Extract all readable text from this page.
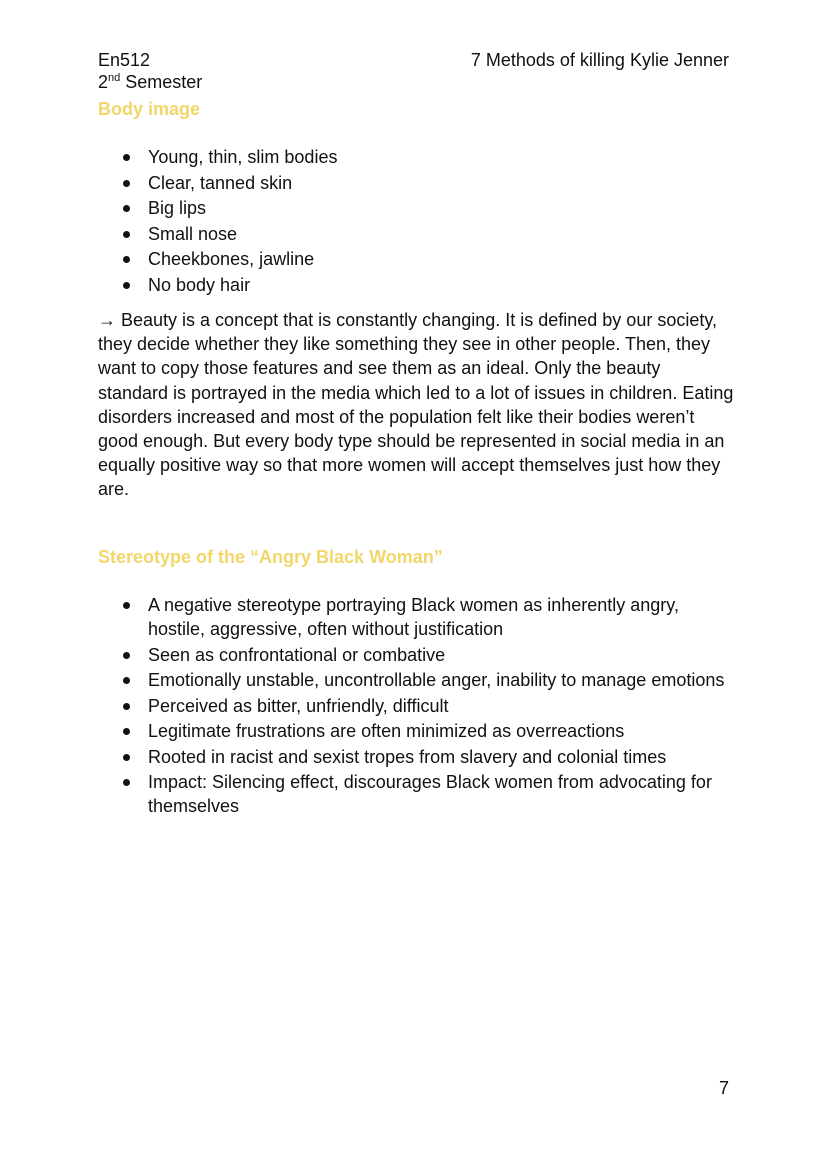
En512
2nd Semester
7 Methods of killing Kylie Jenner
Body image
Young, thin, slim bodies
Clear, tanned skin
Big lips
Small nose
Cheekbones, jawline
No body hair

→ Beauty is a concept that is constantly changing. It is defined by our society, they decide whether they like something they see in other people. Then, they want to copy those features and see them as an ideal. Only the beauty standard is portrayed in the media which led to a lot of issues in children. Eating disorders increased and most of the population felt like their bodies weren’t good enough. But every body type should be represented in social media in an equally positive way so that more women will accept themselves just how they are.

Stereotype of the “Angry Black Woman”
A negative stereotype portraying Black women as inherently angry, hostile, aggressive, often without justification
Seen as confrontational or combative
Emotionally unstable, uncontrollable anger, inability to manage emotions
Perceived as bitter, unfriendly, difficult
Legitimate frustrations are often minimized as overreactions
Rooted in racist and sexist tropes from slavery and colonial times
Impact: Silencing effect, discourages Black women from advocating for themselves
7
